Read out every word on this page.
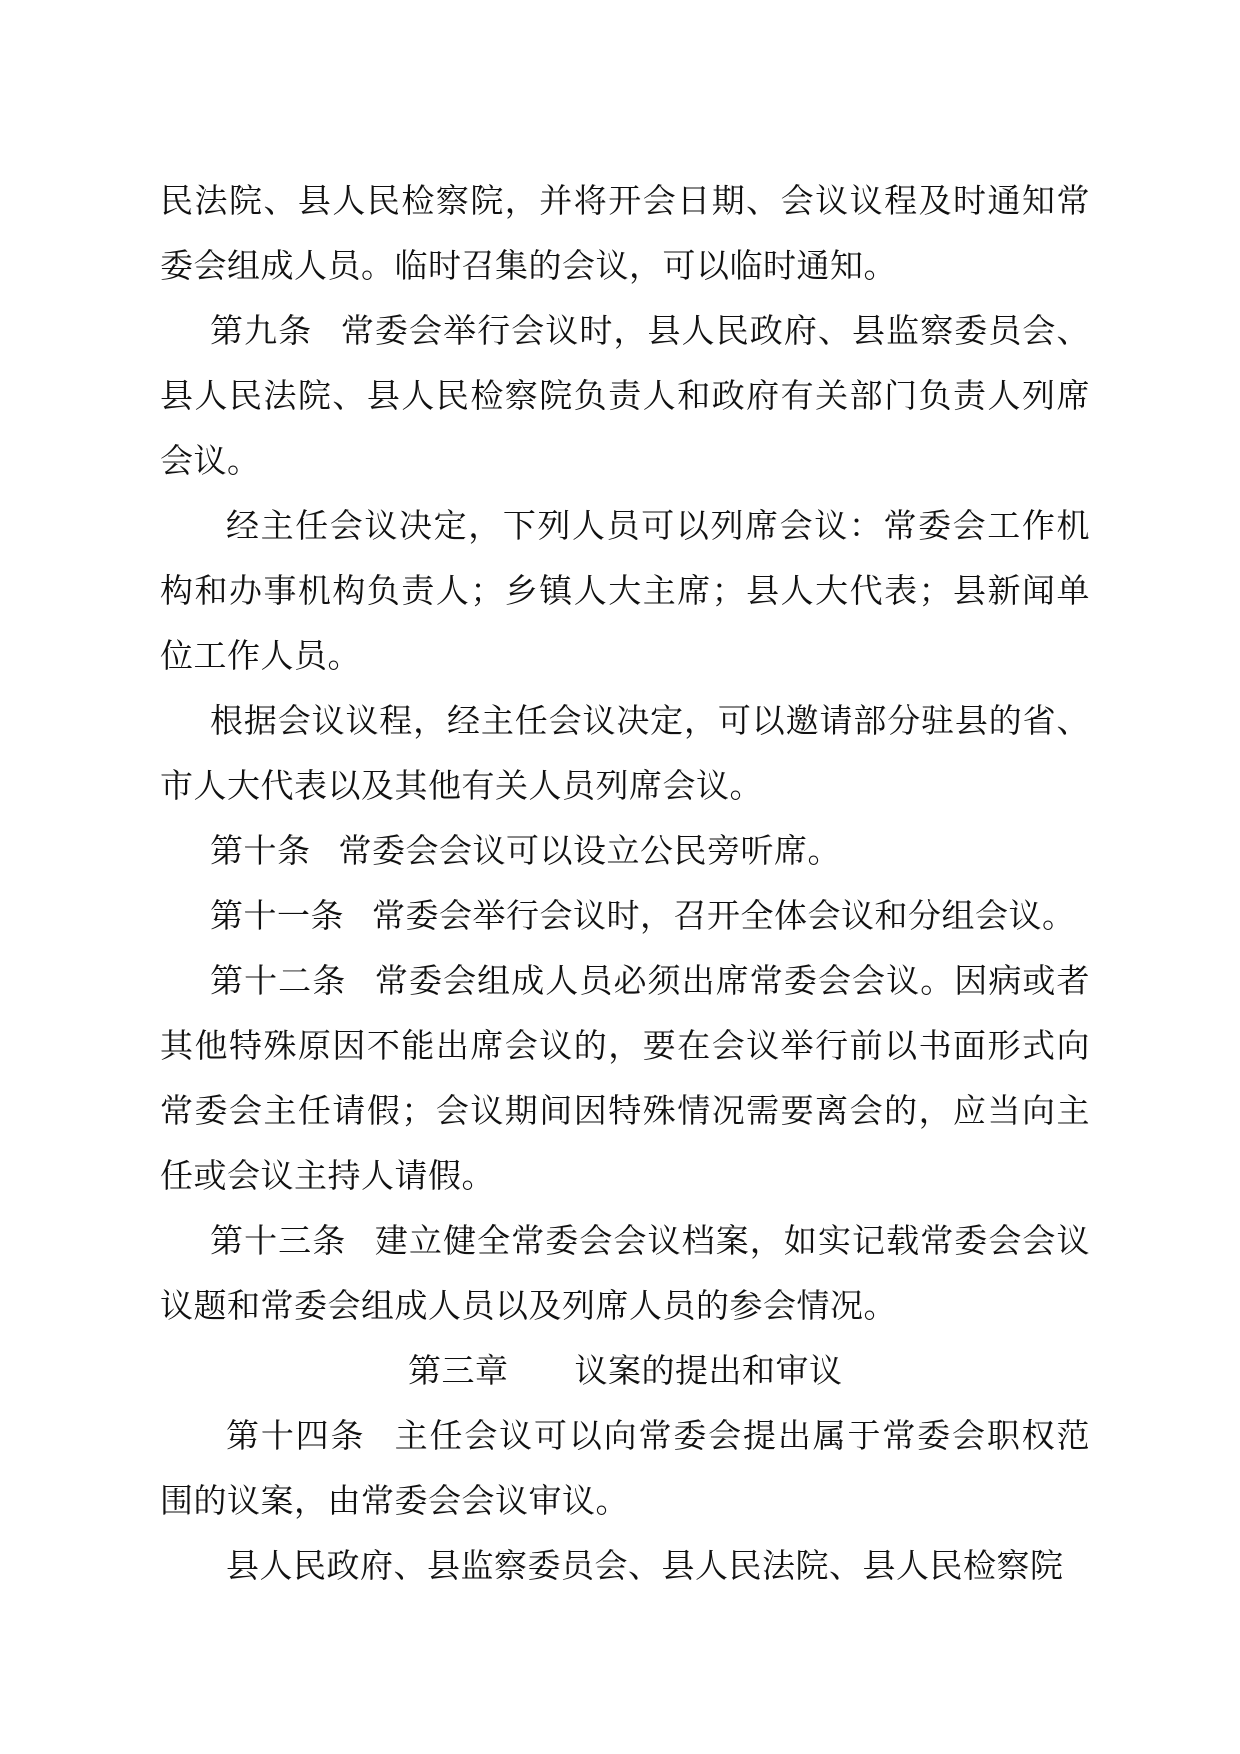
民法院、县人民检察院，并将开会日期、会议议程及时通知常委会组成人员。临时召集的会议，可以临时通知。

第九条 常委会举行会议时，县人民政府、县监察委员会、县人民法院、县人民检察院负责人和政府有关部门负责人列席会议。

经主任会议决定，下列人员可以列席会议：常委会工作机构和办事机构负责人；乡镇人大主席；县人大代表；县新闻单位工作人员。

根据会议议程，经主任会议决定，可以邀请部分驻县的省、市人大代表以及其他有关人员列席会议。

第十条 常委会会议可以设立公民旁听席。

第十一条 常委会举行会议时，召开全体会议和分组会议。

第十二条 常委会组成人员必须出席常委会会议。因病或者其他特殊原因不能出席会议的，要在会议举行前以书面形式向常委会主任请假；会议期间因特殊情况需要离会的，应当向主任或会议主持人请假。

第十三条 建立健全常委会会议档案，如实记载常委会会议议题和常委会组成人员以及列席人员的参会情况。

第三章 议案的提出和审议

第十四条 主任会议可以向常委会提出属于常委会职权范围的议案，由常委会会议审议。

县人民政府、县监察委员会、县人民法院、县人民检察院
